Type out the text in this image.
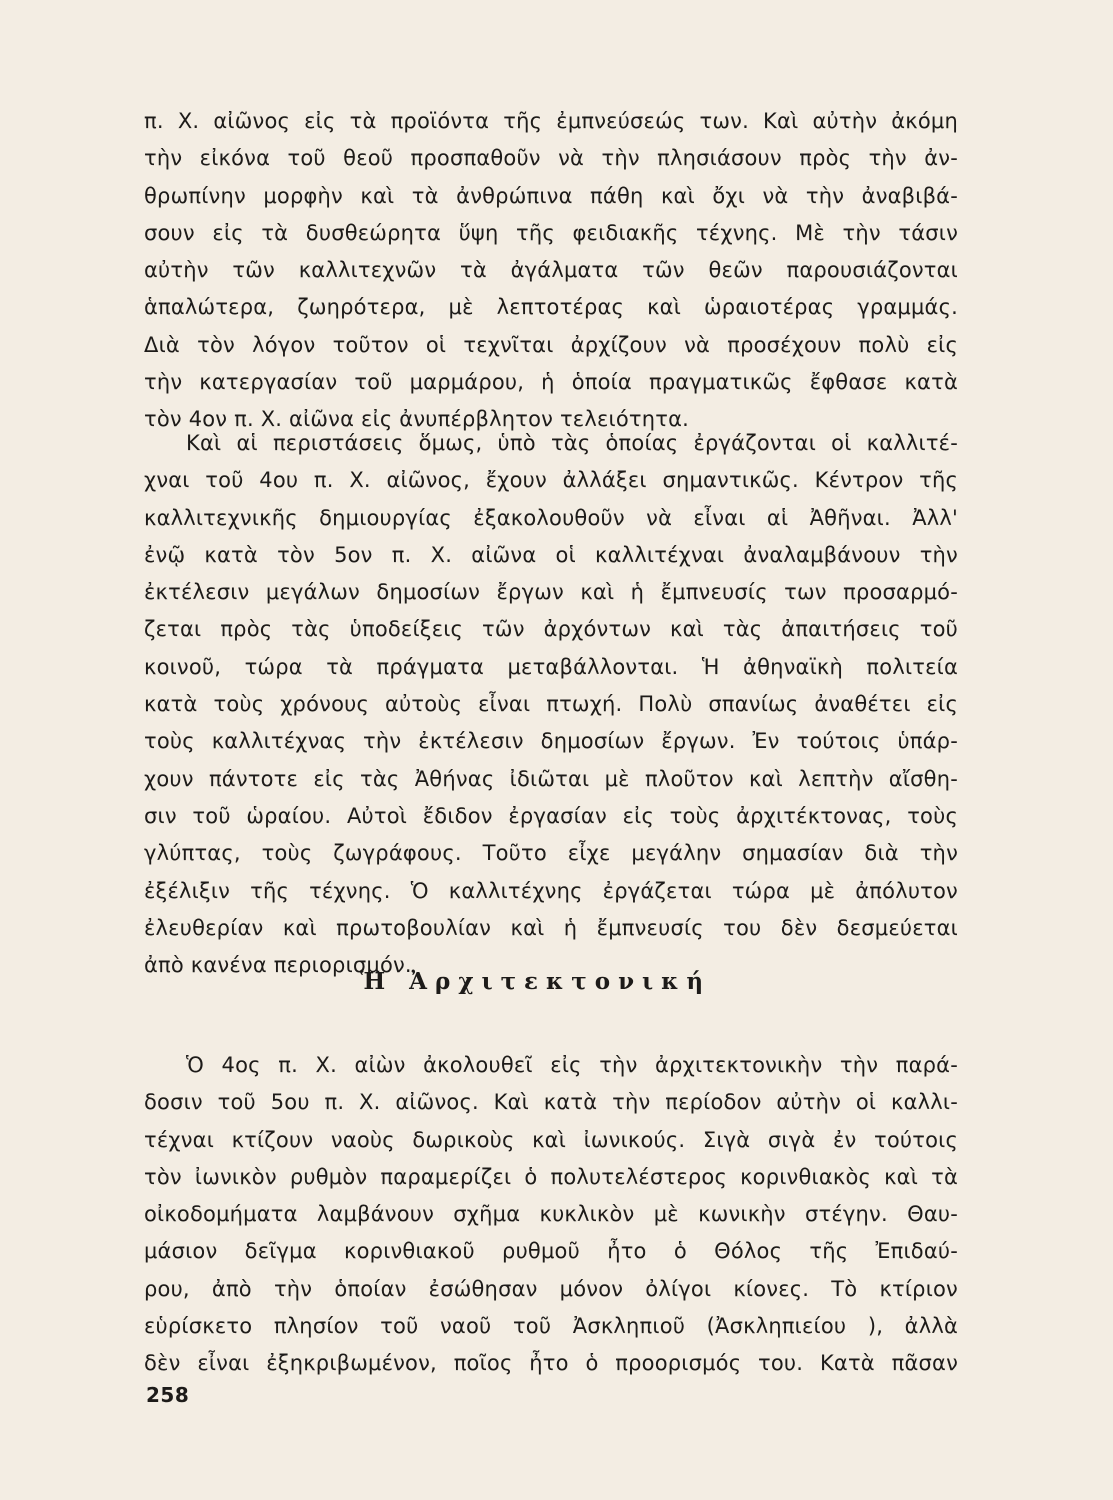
π. Χ. αἰῶνος εἰς τὰ προϊόντα τῆς ἐμπνεύσεώς των. Καὶ αὐτὴν ἀκόμη
τὴν εἰκόνα τοῦ θεοῦ προσπαθοῦν νὰ τὴν πλησιάσουν πρὸς τὴν ἀν-
θρωπίνην μορφὴν καὶ τὰ ἀνθρώπινα πάθη καὶ ὄχι νὰ τὴν ἀναβιβά-
σουν εἰς τὰ δυσθεώρητα ὕψη τῆς φειδιακῆς τέχνης. Μὲ τὴν τάσιν
αὐτὴν τῶν καλλιτεχνῶν τὰ ἀγάλματα τῶν θεῶν παρουσιάζονται
ἁπαλώτερα, ζωηρότερα, μὲ λεπτοτέρας καὶ ὡραιοτέρας γραμμάς.
Διὰ τὸν λόγον τοῦτον οἱ τεχνῖται ἀρχίζουν νὰ προσέχουν πολὺ εἰς
τὴν κατεργασίαν τοῦ μαρμάρου, ἡ ὁποία πραγματικῶς ἔφθασε κατὰ
τὸν 4ον π. Χ. αἰῶνα εἰς ἀνυπέρβλητον τελειότητα.
Καὶ αἱ περιστάσεις ὅμως, ὑπὸ τὰς ὁποίας ἐργάζονται οἱ καλλιτέ-
χναι τοῦ 4ου π. Χ. αἰῶνος, ἔχουν ἀλλάξει σημαντικῶς. Κέντρον τῆς
καλλιτεχνικῆς δημιουργίας ἐξακολουθοῦν νὰ εἶναι αἱ Ἀθῆναι. Ἀλλ'
ἐνῷ κατὰ τὸν 5ον π. Χ. αἰῶνα οἱ καλλιτέχναι ἀναλαμβάνουν τὴν
ἐκτέλεσιν μεγάλων δημοσίων ἔργων καὶ ἡ ἔμπνευσίς των προσαρμό-
ζεται πρὸς τὰς ὑποδείξεις τῶν ἀρχόντων καὶ τὰς ἀπαιτήσεις τοῦ
κοινοῦ, τώρα τὰ πράγματα μεταβάλλονται. Ἡ ἀθηναϊκὴ πολιτεία
κατὰ τοὺς χρόνους αὐτοὺς εἶναι πτωχή. Πολὺ σπανίως ἀναθέτει εἰς
τοὺς καλλιτέχνας τὴν ἐκτέλεσιν δημοσίων ἔργων. Ἐν τούτοις ὑπάρ-
χουν πάντοτε εἰς τὰς Ἀθήνας ἰδιῶται μὲ πλοῦτον καὶ λεπτὴν αἴσθη-
σιν τοῦ ὡραίου. Αὐτοὶ ἔδιδον ἐργασίαν εἰς τοὺς ἀρχιτέκτονας, τοὺς
γλύπτας, τοὺς ζωγράφους. Τοῦτο εἶχε μεγάλην σημασίαν διὰ τὴν
ἐξέλιξιν τῆς τέχνης. Ὁ καλλιτέχνης ἐργάζεται τώρα μὲ ἀπόλυτον
ἐλευθερίαν καὶ πρωτοβουλίαν καὶ ἡ ἔμπνευσίς του δὲν δεσμεύεται
ἀπὸ κανένα περιορισμόν.
Ἡ Ἀρχιτεκτονική
Ὁ 4ος π. Χ. αἰὼν ἀκολουθεῖ εἰς τὴν ἀρχιτεκτονικὴν τὴν παρά-
δοσιν τοῦ 5ου π. Χ. αἰῶνος. Καὶ κατὰ τὴν περίοδον αὐτὴν οἱ καλλι-
τέχναι κτίζουν ναοὺς δωρικοὺς καὶ ἰωνικούς. Σιγὰ σιγὰ ἐν τούτοις
τὸν ἰωνικὸν ρυθμὸν παραμερίζει ὁ πολυτελέστερος κορινθιακὸς καὶ τὰ
οἰκοδομήματα λαμβάνουν σχῆμα κυκλικὸν μὲ κωνικὴν στέγην. Θαυ-
μάσιον δεῖγμα κορινθιακοῦ ρυθμοῦ ἦτο ὁ Θόλος τῆς Ἐπιδαύ-
ρου, ἀπὸ τὴν ὁποίαν ἐσώθησαν μόνον ὀλίγοι κίονες. Τὸ κτίριον
εὑρίσκετο πλησίον τοῦ ναοῦ τοῦ Ἀσκληπιοῦ (Ἀσκληπιείου ), ἀλλὰ
δὲν εἶναι ἐξηκριβωμένον, ποῖος ἦτο ὁ προορισμός του. Κατὰ πᾶσαν
258
